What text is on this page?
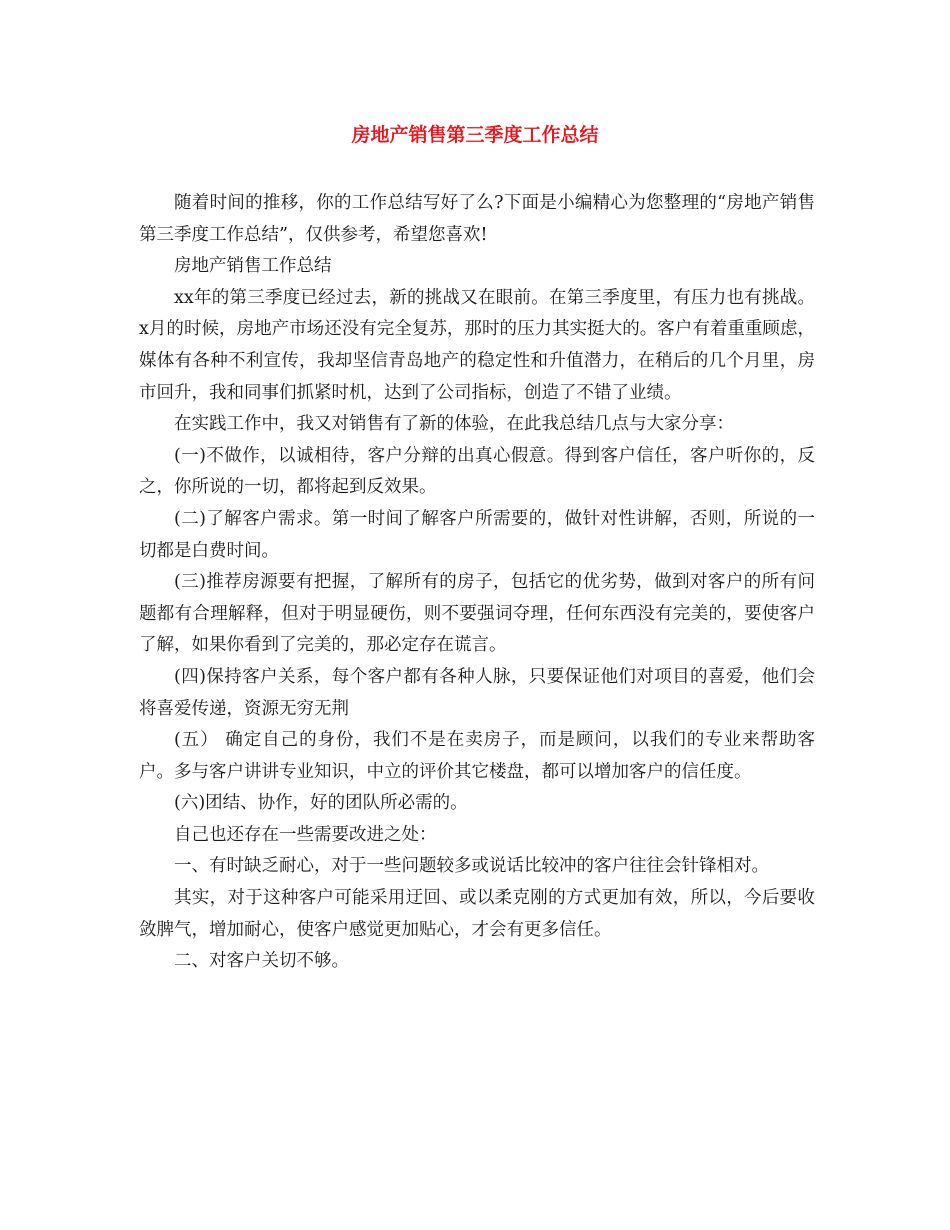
房地产销售第三季度工作总结

随着时间的推移，你的工作总结写好了么?下面是小编精心为您整理的“房地产销售第三季度工作总结”，仅供参考，希望您喜欢!

房地产销售工作总结

xx年的第三季度已经过去，新的挑战又在眼前。在第三季度里，有压力也有挑战。x月的时候，房地产市场还没有完全复苏，那时的压力其实挺大的。客户有着重重顾虑，媒体有各种不利宣传，我却坚信青岛地产的稳定性和升值潜力，在稍后的几个月里，房市回升，我和同事们抓紧时机，达到了公司指标，创造了不错了业绩。

在实践工作中，我又对销售有了新的体验，在此我总结几点与大家分享：

(一)不做作，以诚相待，客户分辩的出真心假意。得到客户信任，客户听你的，反之，你所说的一切，都将起到反效果。

(二)了解客户需求。第一时间了解客户所需要的，做针对性讲解，否则，所说的一切都是白费时间。

(三)推荐房源要有把握，了解所有的房子，包括它的优劣势，做到对客户的所有问题都有合理解释，但对于明显硬伤，则不要强词夺理，任何东西没有完美的，要使客户了解，如果你看到了完美的，那必定存在谎言。

(四)保持客户关系，每个客户都有各种人脉，只要保证他们对项目的喜爱，他们会将喜爱传递，资源无穷无荆

(五） 确定自己的身份，我们不是在卖房子，而是顾问，以我们的专业来帮助客户。多与客户讲讲专业知识，中立的评价其它楼盘，都可以增加客户的信任度。

(六)团结、协作，好的团队所必需的。

自己也还存在一些需要改进之处：

一、有时缺乏耐心，对于一些问题较多或说话比较冲的客户往往会针锋相对。

其实，对于这种客户可能采用迂回、或以柔克刚的方式更加有效，所以，今后要收敛脾气，增加耐心，使客户感觉更加贴心，才会有更多信任。

二、对客户关切不够。
